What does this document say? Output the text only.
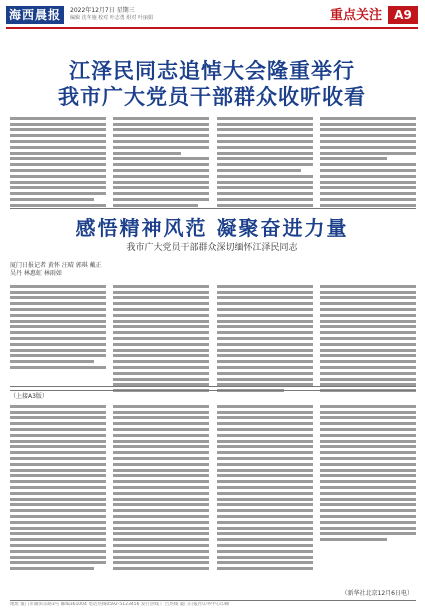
海西晨报	2022年12月7日 星期三
编辑 沈冬施 校对 叶志勇 组对 叶丽娟	重点关注	A9
江泽民同志追悼大会隆重举行
我市广大党员干部群众收听收看
感悟精神风范 凝聚奋进力量
我市广大党员干部群众深切缅怀江泽民同志
厦门日报记者 黄怀 汪晴 郭琪 戴正 吴丹 林惠虹 林雨如
（上接A3版）
（新华社北京12月6日电）
地址 厦门市湖滨东路3号 邮编361004 电话热线0592-5123456 发行热线 广告热线 厦门日报社印务中心印刷
